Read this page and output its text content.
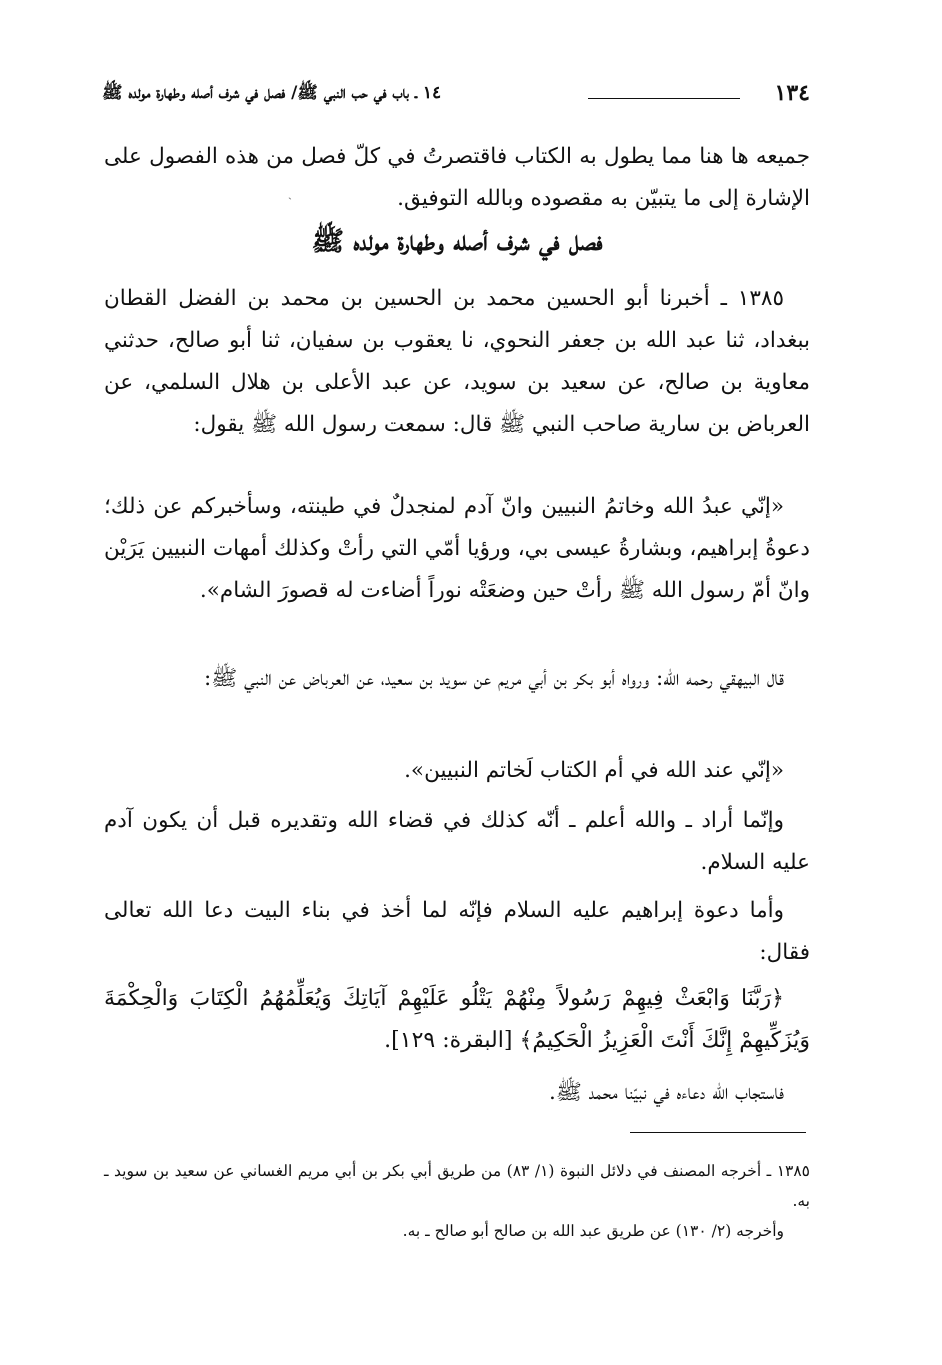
١٣٤
١٤ ـ باب في حب النبي ﷺ/ فصل في شرف أصله وطهارة مولده ﷺ
ˏ

جميعه ها هنا مما يطول به الكتاب فاقتصرتُ في كلّ فصل من هذه الفصول على الإشارة إلى ما يتبيّن به مقصوده وبالله التوفيق.

فصل في شرف أصله وطهارة مولده ﷺ

١٣٨٥ ـ أخبرنا أبو الحسين محمد بن الحسين بن محمد بن الفضل القطان ببغداد، ثنا عبد الله بن جعفر النحوي، نا يعقوب بن سفيان، ثنا أبو صالح، حدثني معاوية بن صالح، عن سعيد بن سويد، عن عبد الأعلى بن هلال السلمي، عن العرباض بن سارية صاحب النبي ﷺ قال: سمعت رسول الله ﷺ يقول:

«إنّي عبدُ الله وخاتمُ النبيين وانّ آدم لمنجدلٌ في طينته، وسأخبركم عن ذلك؛ دعوةُ إبراهيم، وبشارةُ عيسى بي، ورؤيا أمّي التي رأتْ وكذلك أمهات النبيين يَرَيْن وانّ أمّ رسول الله ﷺ رأتْ حين وضعَتْه نوراً أضاءت له قصورَ الشام».

قال البيهقي رحمه الله: ورواه أبو بكر بن أبي مريم عن سويد بن سعيد، عن العرباض عن النبي ﷺ:

«إنّي عند الله في أم الكتاب لَخاتم النبيين».

وإنّما أراد ـ والله أعلم ـ أنّه كذلك في قضاء الله وتقديره قبل أن يكون آدم عليه السلام.

وأما دعوة إبراهيم عليه السلام فإنّه لما أخذ في بناء البيت دعا الله تعالى فقال:

﴿رَبَّنَا وَابْعَثْ فِيهِمْ رَسُولاً مِنْهُمْ يَتْلُو عَلَيْهِمْ آيَاتِكَ وَيُعَلِّمُهُمُ الْكِتَابَ وَالْحِكْمَةَ وَيُزَكِّيهِمْ إِنَّكَ أَنْتَ الْعَزِيزُ الْحَكِيمُ﴾ [البقرة: ١٢٩].

فاستجاب الله دعاءه في نبيّنا محمد ﷺ.

١٣٨٥ ـ أخرجه المصنف في دلائل النبوة (١/ ٨٣) من طريق أبي بكر بن أبي مريم الغساني عن سعيد بن سويد ـ به.

وأخرجه (٢/ ١٣٠) عن طريق عبد الله بن صالح أبو صالح ـ به.
